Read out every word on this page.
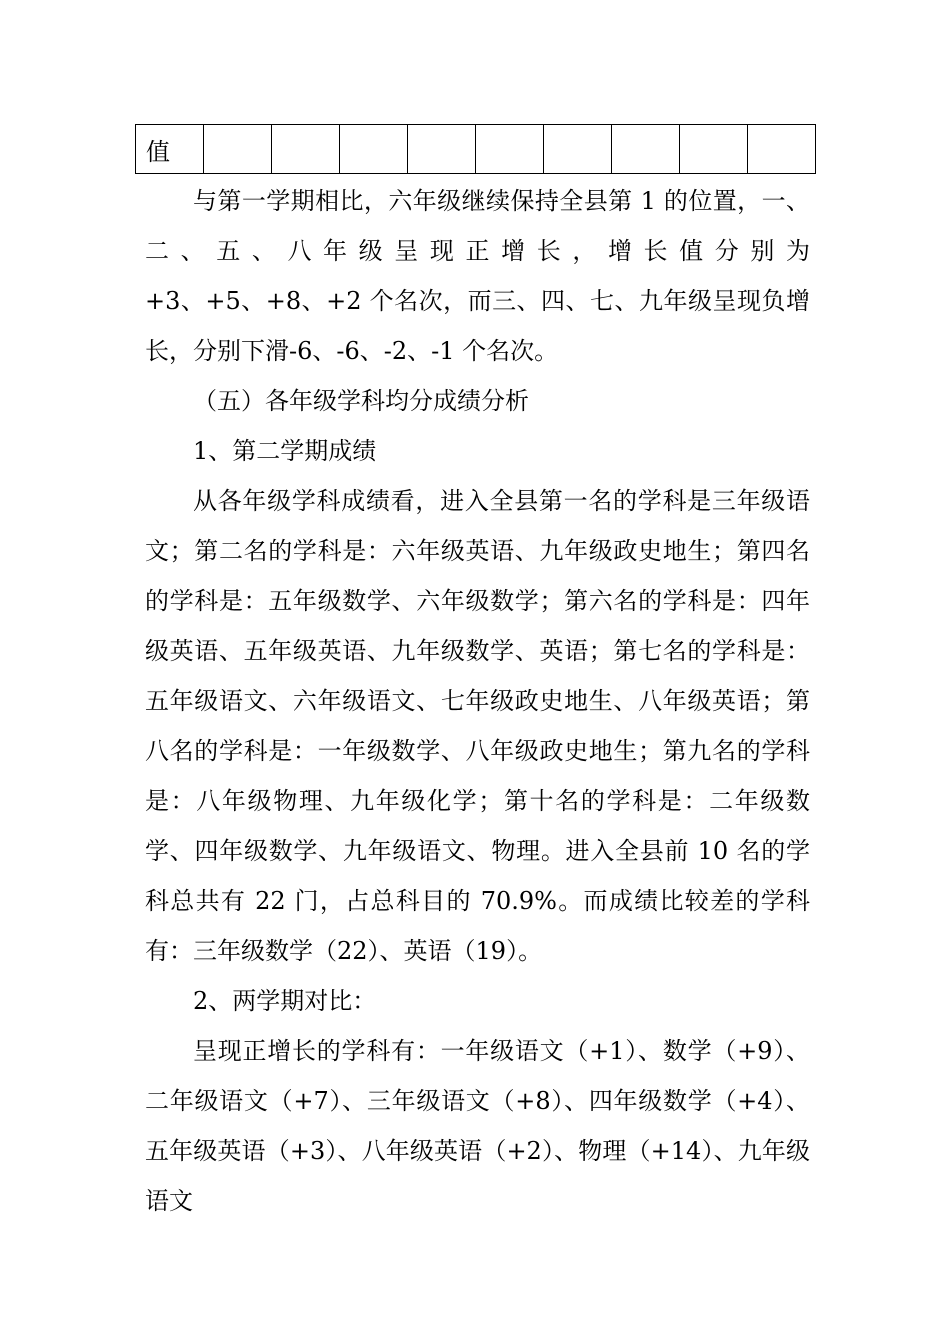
值									

与第一学期相比，六年级继续保持全县第 1 的位置，一、二、五、八年级呈现正增长，增长值分别为+3、+5、+8、+2 个名次，而三、四、七、九年级呈现负增长，分别下滑-6、-6、-2、-1 个名次。

（五）各年级学科均分成绩分析

1、第二学期成绩

从各年级学科成绩看，进入全县第一名的学科是三年级语文；第二名的学科是：六年级英语、九年级政史地生；第四名的学科是：五年级数学、六年级数学；第六名的学科是：四年级英语、五年级英语、九年级数学、英语；第七名的学科是：五年级语文、六年级语文、七年级政史地生、八年级英语；第八名的学科是：一年级数学、八年级政史地生；第九名的学科是：八年级物理、九年级化学；第十名的学科是：二年级数学、四年级数学、九年级语文、物理。进入全县前 10 名的学科总共有 22 门，占总科目的 70.9%。而成绩比较差的学科有：三年级数学（22）、英语（19）。

2、两学期对比：

呈现正增长的学科有：一年级语文（+1）、数学（+9）、二年级语文（+7）、三年级语文（+8）、四年级数学（+4）、五年级英语（+3）、八年级英语（+2）、物理（+14）、九年级语文
